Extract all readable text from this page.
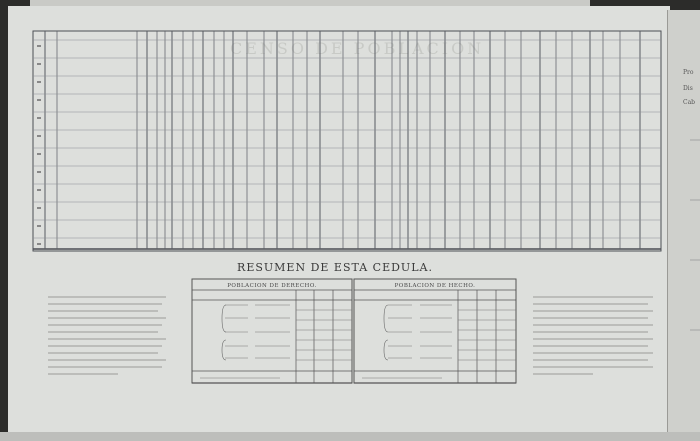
CENSO DE POBLACION
POBLACION DE DERECHO.	POBLACION DE HECHO.
Pro
Dis
Cab
RESUMEN DE ESTA CEDULA.
